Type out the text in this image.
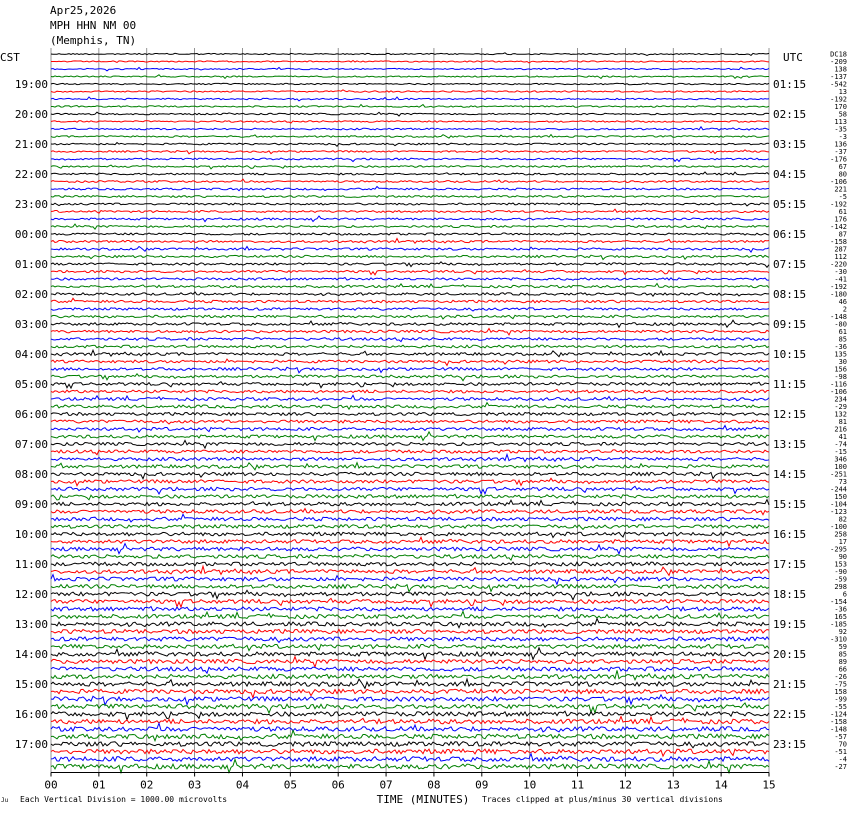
Apr25,2026
MPH HHN NM 00
(Memphis, TN)
CST	UTC
19:00
20:00
21:00
22:00
23:00
00:00
01:00
02:00
03:00
04:00
05:00
06:00
07:00
08:00
09:00
10:00
11:00
12:00
13:00
14:00
15:00
16:00
17:00
01:15
02:15
03:15
04:15
05:15
06:15
07:15
08:15
09:15
10:15
11:15
12:15
13:15
14:15
15:15
16:15
17:15
18:15
19:15
20:15
21:15
22:15
23:15
DC18
-209
138
-137
-542
13
-192
170
58
113
-35
-3
136
-37
-176
67
80
-106
221
-5
-192
61
176
-142
87
-158
287
112
-220
-30
-41
-192
-180
46
2
-148
-80
61
85
-36
135
30
156
-98
-116
-106
234
-29
132
81
216
41
-74
-15
346
100
-251
73
-244
150
-104
-123
82
-100
258
17
-295
90
153
-90
-59
298
6
-154
-36
165
-185
92
-310
59
85
89
66
-26
-75
158
-99
-55
-124
-158
-148
-57
70
-51
-4
-27
00	01	02	03	04	05	06	07	08	09	10	11	12	13	14	15
TIME (MINUTES)
Ju Each Vertical Division = 1000.00 microvolts	Traces clipped at plus/minus 30 vertical divisions
